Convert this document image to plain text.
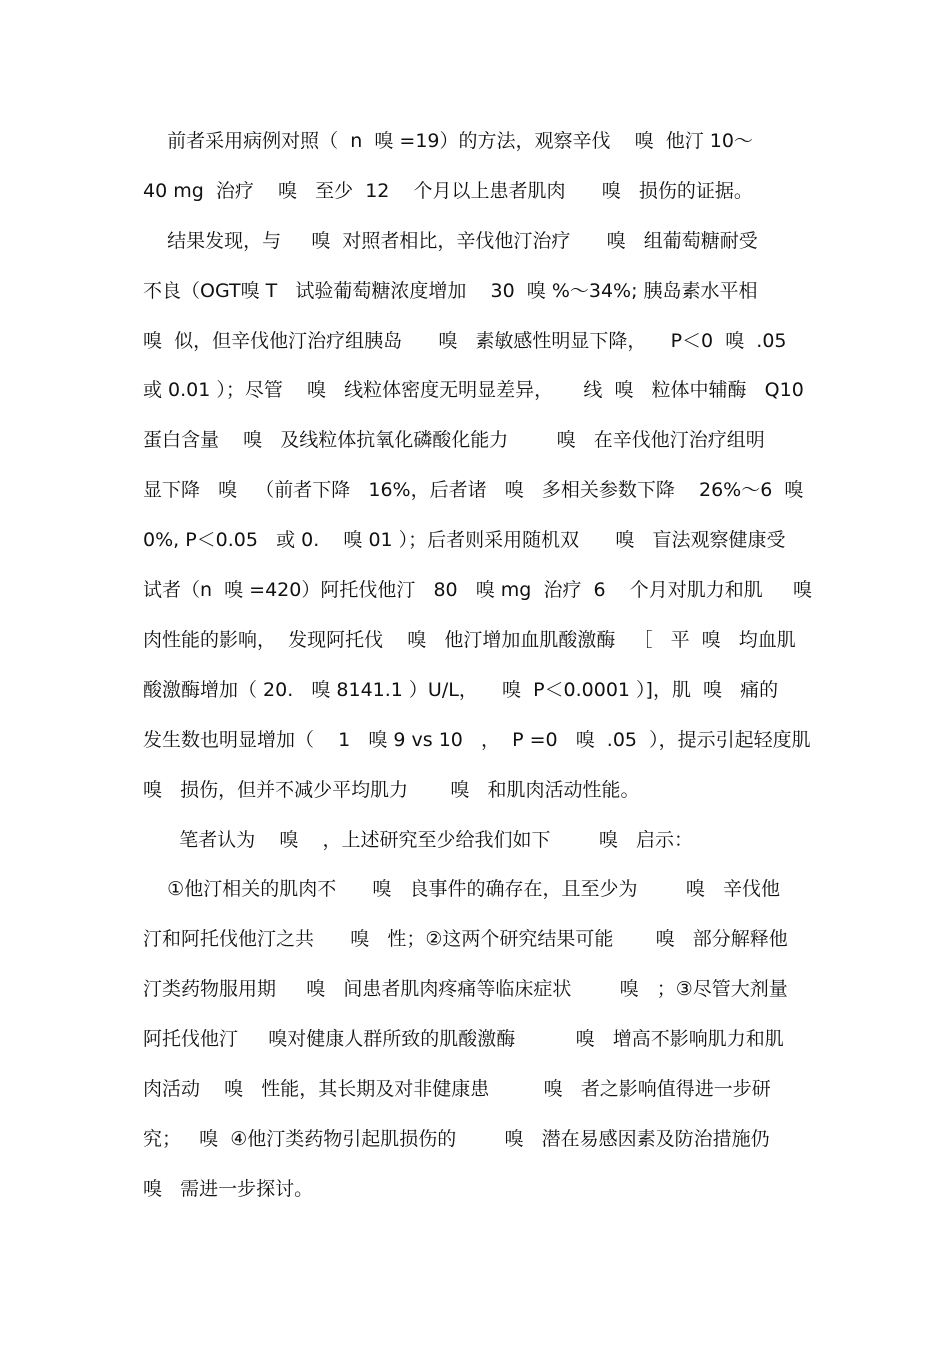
前者采用病例对照（  n  嗅 =19）的方法，观察辛伐    嗅  他汀 10～
40 mg  治疗    嗅   至少  12    个月以上患者肌肉      嗅   损伤的证据。
结果发现，与     嗅  对照者相比，辛伐他汀治疗      嗅   组葡萄糖耐受
不良（OGT嗅 T   试验葡萄糖浓度增加    30  嗅 %～34%; 胰岛素水平相
嗅  似，但辛伐他汀治疗组胰岛      嗅   素敏感性明显下降，    P＜0  嗅  .05
或 0.01 ）；尽管    嗅   线粒体密度无明显差异，     线  嗅   粒体中辅酶   Q10
蛋白含量    嗅   及线粒体抗氧化磷酸化能力        嗅   在辛伐他汀治疗组明
显下降   嗅   （前者下降   16%，后者诸   嗅   多相关参数下降    26%～6  嗅
0%, P＜0.05   或 0.    嗅 01 ）；后者则采用随机双      嗅   盲法观察健康受
试者（n  嗅 =420）阿托伐他汀   80   嗅 mg  治疗  6    个月对肌力和肌     嗅
肉性能的影响，  发现阿托伐    嗅   他汀增加血肌酸激酶   ［   平  嗅   均血肌
酸激酶增加（ 20.   嗅 8141.1 ）U/L，    嗅  P＜0.0001 ）]，肌  嗅   痛的
发生数也明显增加（    1   嗅 9 vs 10   ，  P =0   嗅  .05  ），提示引起轻度肌
嗅   损伤，但并不减少平均肌力       嗅   和肌肉活动性能。
笔者认为    嗅    ，上述研究至少给我们如下        嗅   启示：
①他汀相关的肌肉不      嗅   良事件的确存在，且至少为        嗅   辛伐他
汀和阿托伐他汀之共      嗅   性；②这两个研究结果可能       嗅   部分解释他
汀类药物服用期     嗅   间患者肌肉疼痛等临床症状        嗅   ；③尽管大剂量
阿托伐他汀     嗅对健康人群所致的肌酸激酶          嗅   增高不影响肌力和肌
肉活动    嗅   性能，其长期及对非健康患         嗅   者之影响值得进一步研
究；   嗅  ④他汀类药物引起肌损伤的        嗅   潜在易感因素及防治措施仍
嗅   需进一步探讨。
